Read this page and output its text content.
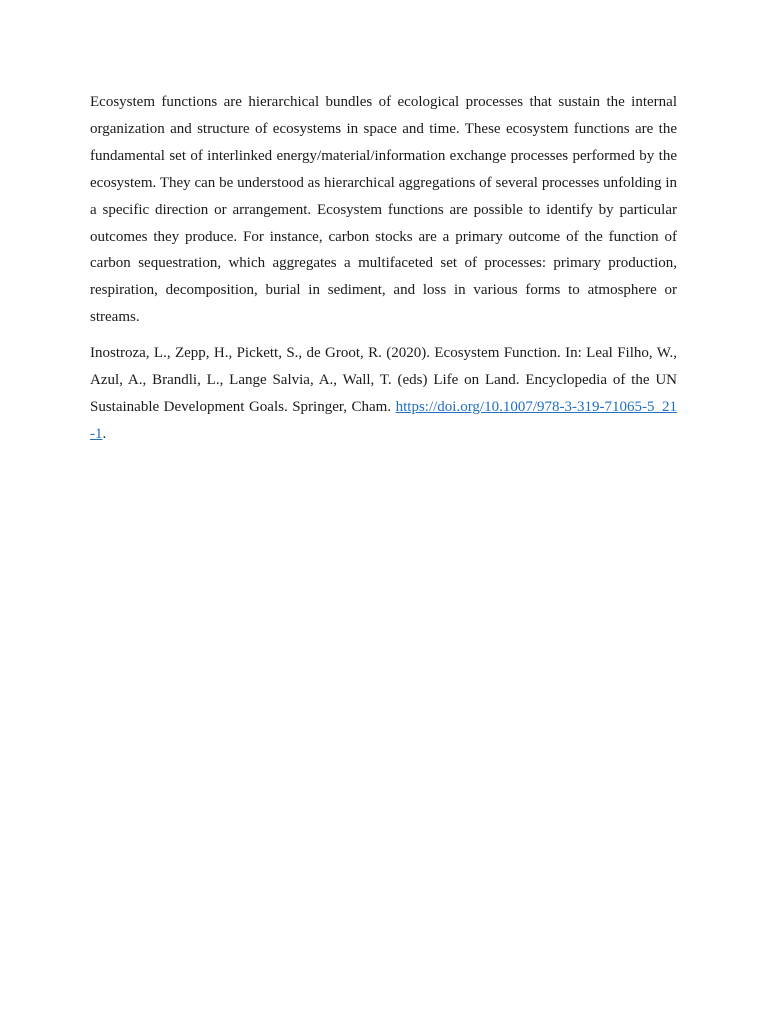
Ecosystem functions are hierarchical bundles of ecological processes that sustain the internal organization and structure of ecosystems in space and time. These ecosystem functions are the fundamental set of interlinked energy/material/information exchange processes performed by the ecosystem. They can be understood as hierarchical aggregations of several processes unfolding in a specific direction or arrangement. Ecosystem functions are possible to identify by particular outcomes they produce. For instance, carbon stocks are a primary outcome of the function of carbon sequestration, which aggregates a multifaceted set of processes: primary production, respiration, decomposition, burial in sediment, and loss in various forms to atmosphere or streams.

Inostroza, L., Zepp, H., Pickett, S., de Groot, R. (2020). Ecosystem Function. In: Leal Filho, W., Azul, A., Brandli, L., Lange Salvia, A., Wall, T. (eds) Life on Land. Encyclopedia of the UN Sustainable Development Goals. Springer, Cham. https://doi.org/10.1007/978-3-319-71065-5_21-1.
